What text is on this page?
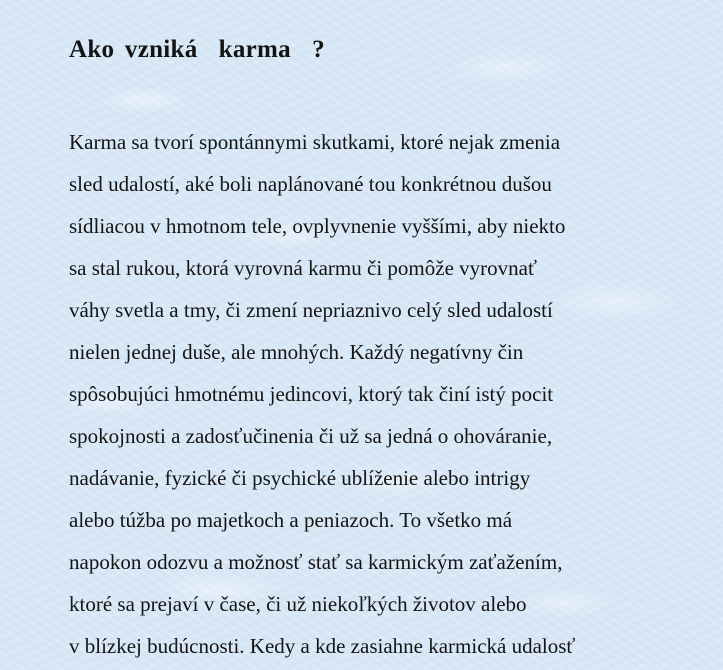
Ako vzniká  karma  ?
Karma sa tvorí spontánnymi skutkami, ktoré nejak zmenia
sled udalostí, aké boli naplánované tou konkrétnou dušou
sídliacou v hmotnom tele, ovplyvnenie vyššími, aby niekto
sa stal rukou, ktorá vyrovná karmu či pomôže vyrovnať
váhy svetla a tmy, či zmení nepriaznivo celý sled udalostí
nielen jednej duše, ale mnohých. Každý negatívny čin
spôsobujúci hmotnému jedincovi, ktorý tak činí istý pocit
spokojnosti a zadosťučinenia či už sa jedná o ohováranie,
nadávanie, fyzické či psychické ublíženie alebo intrigy
alebo túžba po majetkoch a peniazoch. To všetko má
napokon odozvu a možnosť stať sa karmickým zaťažením,
ktoré sa prejaví v čase, či už niekoľkých životov alebo
v blízkej budúcnosti. Kedy a kde zasiahne karmická udalosť
